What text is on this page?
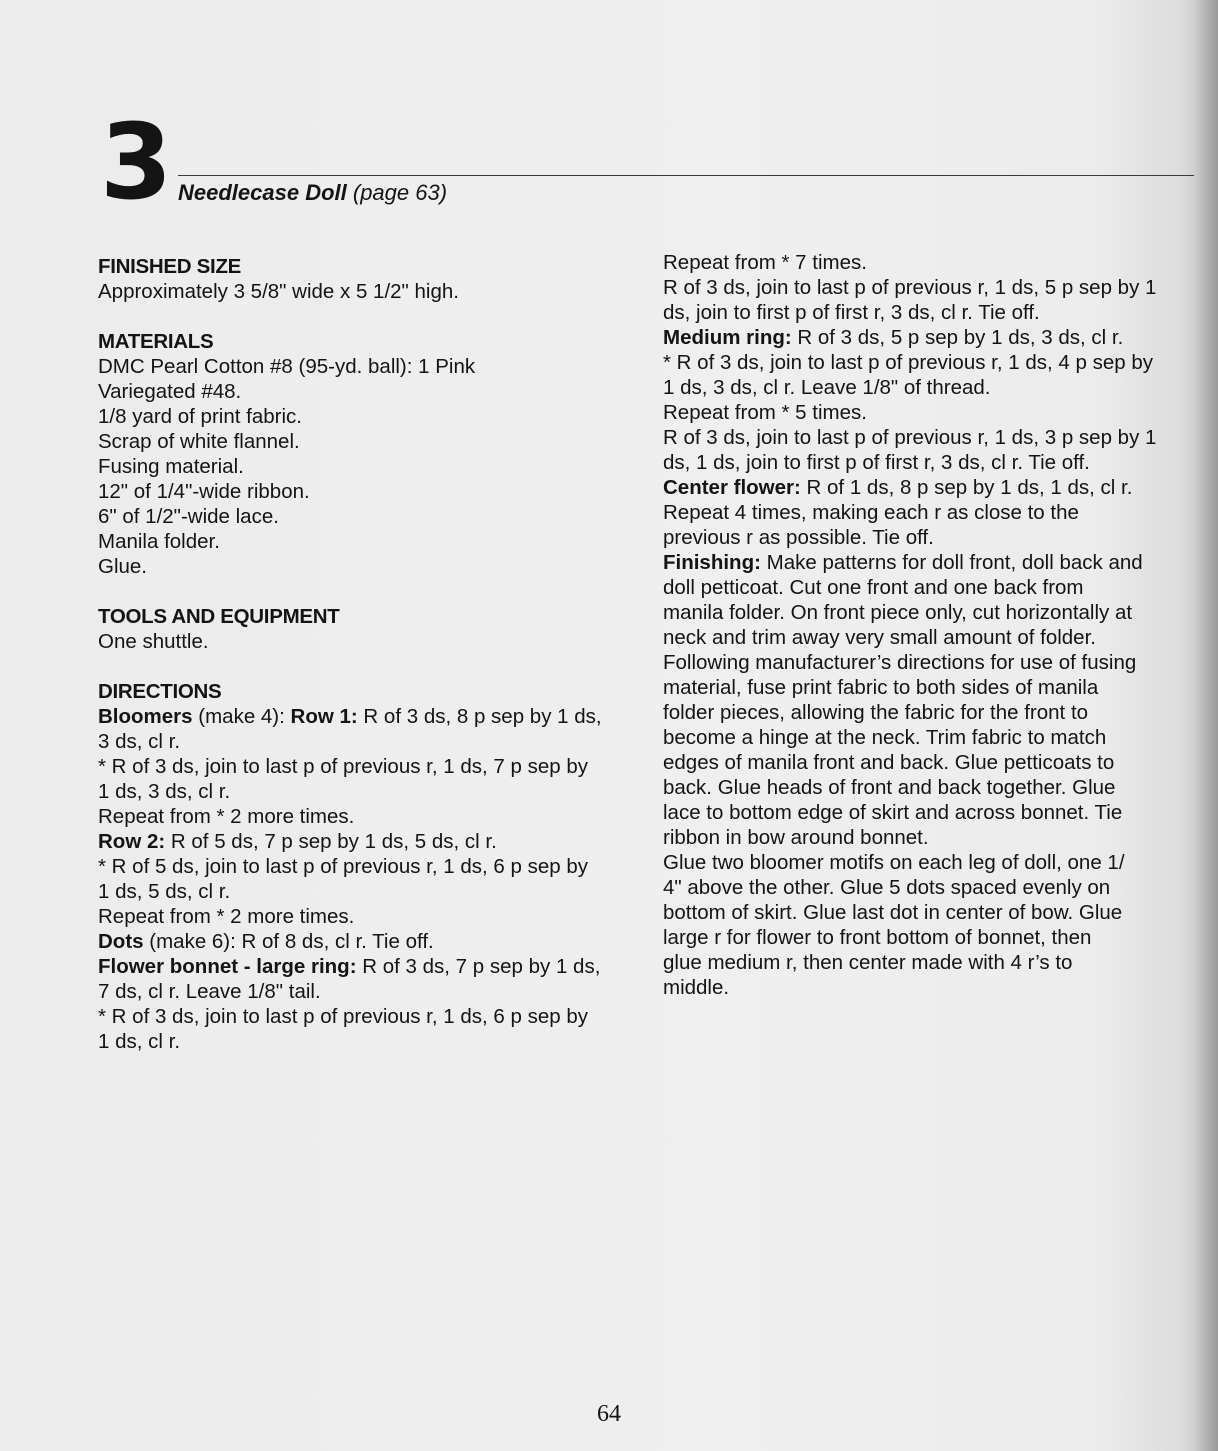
3 Needlecase Doll (page 63)

FINISHED SIZE

Approximately 3 5/8" wide x 5 1/2" high.

MATERIALS

DMC Pearl Cotton #8 (95-yd. ball): 1 Pink

Variegated #48.

1/8 yard of print fabric.

Scrap of white flannel.

Fusing material.

12" of 1/4"-wide ribbon.

6" of 1/2"-wide lace.

Manila folder.

Glue.

TOOLS AND EQUIPMENT

One shuttle.

DIRECTIONS

Bloomers (make 4): Row 1: R of 3 ds, 8 p sep by 1 ds,

3 ds, cl r.

* R of 3 ds, join to last p of previous r, 1 ds, 7 p sep by

1 ds, 3 ds, cl r.

Repeat from * 2 more times.

Row 2: R of 5 ds, 7 p sep by 1 ds, 5 ds, cl r.

* R of 5 ds, join to last p of previous r, 1 ds, 6 p sep by

1 ds, 5 ds, cl r.

Repeat from * 2 more times.

Dots (make 6): R of 8 ds, cl r. Tie off.

Flower bonnet - large ring: R of 3 ds, 7 p sep by 1 ds,

7 ds, cl r. Leave 1/8" tail.

* R of 3 ds, join to last p of previous r, 1 ds, 6 p sep by

1 ds, cl r.

Repeat from * 7 times.

R of 3 ds, join to last p of previous r, 1 ds, 5 p sep by 1

ds, join to first p of first r, 3 ds, cl r. Tie off.

Medium ring: R of 3 ds, 5 p sep by 1 ds, 3 ds, cl r.

* R of 3 ds, join to last p of previous r, 1 ds, 4 p sep by

1 ds, 3 ds, cl r. Leave 1/8" of thread.

Repeat from * 5 times.

R of 3 ds, join to last p of previous r, 1 ds, 3 p sep by 1

ds, 1 ds, join to first p of first r, 3 ds, cl r. Tie off.

Center flower: R of 1 ds, 8 p sep by 1 ds, 1 ds, cl r.

Repeat 4 times, making each r as close to the

previous r as possible. Tie off.

Finishing: Make patterns for doll front, doll back and

doll petticoat. Cut one front and one back from

manila folder. On front piece only, cut horizontally at

neck and trim away very small amount of folder.

Following manufacturer’s directions for use of fusing

material, fuse print fabric to both sides of manila

folder pieces, allowing the fabric for the front to

become a hinge at the neck. Trim fabric to match

edges of manila front and back. Glue petticoats to

back. Glue heads of front and back together. Glue

lace to bottom edge of skirt and across bonnet. Tie

ribbon in bow around bonnet.

Glue two bloomer motifs on each leg of doll, one 1/

4" above the other. Glue 5 dots spaced evenly on

bottom of skirt. Glue last dot in center of bow. Glue

large r for flower to front bottom of bonnet, then

glue medium r, then center made with 4 r’s to

middle.

64
